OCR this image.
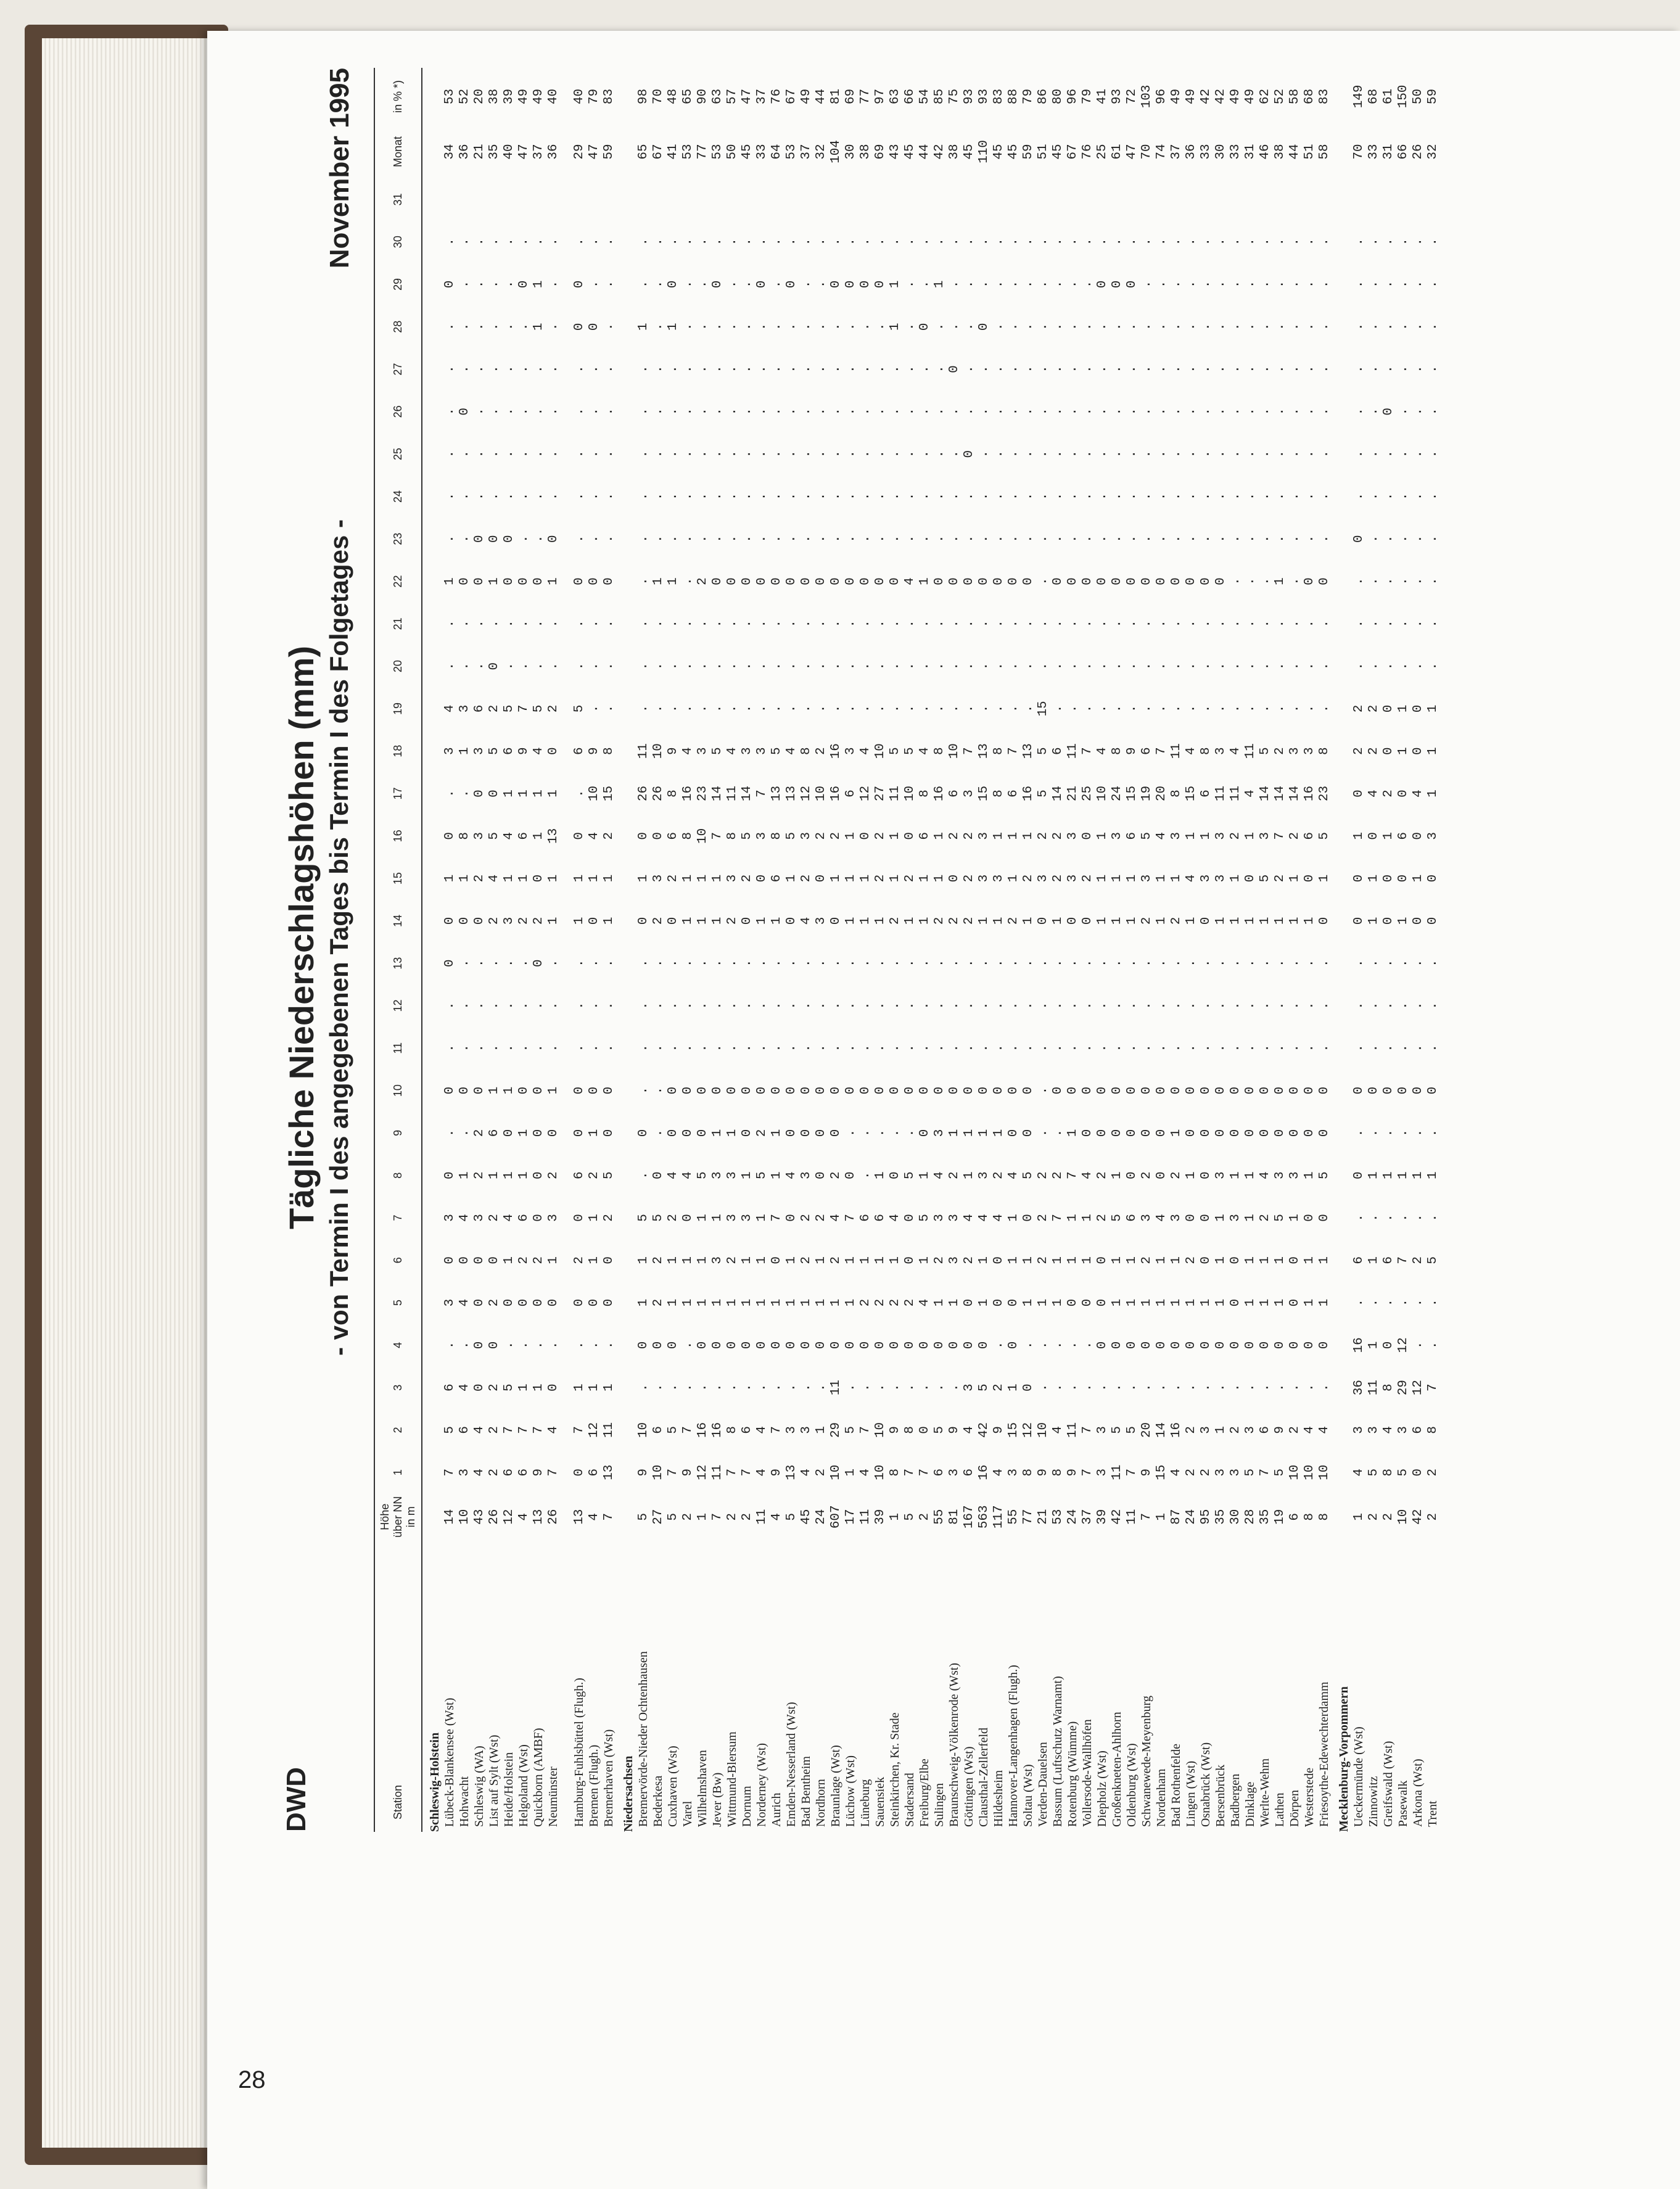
DWD
Tägliche Niederschlagshöhen (mm) - von Termin I des angegebenen Tages bis Termin I des Folgetages -
November 1995
Station	Höhe über NN in m	1	2	3	4	5	6	7	8	9	10	11	12	13	14	15	16	17	18	19	20	21	22	23	24	25	26	27	28	29	30	31	Monat	in % *)
Schleswig-Holstein																																		
Lübeck-Blankensee (Wst)	14	7	5	6	.	3	0	3	0	.	0	.	.	0	0	1	0	.	3	4	.	.	1	.	.	.	.	.	.	0	.		34	53
Hohwacht	10	3	6	4	.	4	0	4	1	.	0	.	.	.	0	1	8	.	1	3	.	.	0	.	.	.	0	.	.	.	.		36	52
Schleswig (WA)	43	4	4	0	0	0	0	3	2	2	0	.	.	.	0	2	3	0	3	6	.	.	0	0	.	.	.	.	.	.	.		21	20
List auf Sylt (Wst)	26	2	2	2	0	2	0	2	1	6	1	.	.	.	2	4	5	0	5	2	0	.	1	0	.	.	.	.	.	.	.		35	38
Heide/Holstein	12	6	7	5	.	0	1	4	1	0	1	.	.	.	3	1	4	1	6	5	.	.	0	0	.	.	.	.	.	.	.		40	39
Helgoland (Wst)	4	6	7	1	.	0	2	6	1	1	0	.	.	.	2	1	6	1	9	7	.	.	0	.	.	.	.	.	.	0	.		47	49
Quickborn (AMBF)	13	9	7	1	.	0	2	0	0	0	0	.	.	0	2	0	1	1	4	5	.	.	0	.	.	.	.	.	1	1	.		37	49
Neumünster	26	7	4	0	.	0	1	3	2	0	1	.	.	.	1	1	13	1	0	2	.	.	1	0	.	.	.	.	.	.	.		36	40

Hamburg-Fuhlsbüttel (Flugh.)	13	0	7	1	.	0	2	0	6	0	0	.	.	.	1	1	0	.	6	5	.	.	0	.	.	.	.	.	0	0	.		29	40
Bremen (Flugh.)	4	6	12	1	.	0	1	1	2	1	0	.	.	.	0	1	4	10	9	.	.	.	0	.	.	.	.	.	0	.	.		47	79
Bremerhaven (Wst)	7	13	11	1	.	0	0	2	5	0	0	.	.	.	1	1	2	15	8	.	.	.	0	.	.	.	.	.	.	.	.		59	83
Niedersachsen																																		
Bremervörde-Nieder Ochtenhausen	5	9	10	.	0	1	1	5	.	0	.	.	.	.	0	1	0	26	11	.	.	.	.	.	.	.	.	.	1	.	.		65	98
Bederkesa	27	10	6	.	0	2	2	5	0	.	.	.	.	.	2	3	0	26	10	.	.	.	1	.	.	.	.	.	.	.	.		67	70
Cuxhaven (Wst)	5	7	5	.	0	1	1	2	4	0	0	.	.	.	0	2	6	8	9	.	.	.	1	.	.	.	.	.	1	0	.		41	48
Varel	2	9	7	.	.	1	1	0	4	0	0	.	.	.	1	1	8	16	4	.	.	.	.	.	.	.	.	.	.	.	.		53	65
Wilhelmshaven	1	12	16	.	0	1	1	1	5	0	0	.	.	.	1	1	10	23	3	.	.	.	2	.	.	.	.	.	.	.	.		77	90
Jever (Bw)	7	11	16	.	0	1	3	1	3	1	0	.	.	.	1	1	7	14	5	.	.	.	0	.	.	.	.	.	.	0	.		53	63
Wittmund-Blersum	2	7	8	.	0	1	2	3	3	1	0	.	.	.	2	3	8	11	4	.	.	.	0	.	.	.	.	.	.	.	.		50	57
Dornum	2	7	6	.	0	1	1	3	1	0	0	.	.	.	0	2	5	14	3	.	.	.	0	.	.	.	.	.	.	.	.		45	47
Norderney (Wst)	11	4	4	.	0	1	1	1	5	2	0	.	.	.	1	0	3	7	3	.	.	.	0	.	.	.	.	.	.	0	.		33	37
Aurich	4	9	7	.	0	1	0	7	1	1	0	.	.	.	1	6	8	13	5	.	.	.	0	.	.	.	.	.	.	.	.		64	76
Emden-Nesserland (Wst)	5	13	3	.	0	1	1	0	4	0	0	.	.	.	0	1	5	13	4	.	.	.	0	.	.	.	.	.	.	0	.		53	67
Bad Bentheim	45	4	3	.	0	1	2	2	3	0	0	.	.	.	4	2	3	12	8	.	.	.	0	.	.	.	.	.	.	.	.		37	49
Nordhorn	24	2	1	.	0	1	1	2	0	0	0	.	.	.	3	0	2	10	2	.	.	.	0	.	.	.	.	.	.	.	.		32	44
Braunlage (Wst)	607	10	29	11	0	1	2	4	2	0	0	.	.	.	0	1	2	16	16	.	.	.	0	.	.	.	.	.	.	0	.		104	81
Lüchow (Wst)	17	1	5	.	0	1	1	7	0	.	0	.	.	.	1	1	1	6	3	.	.	.	0	.	.	.	.	.	.	0	.		30	69
Lüneburg	11	4	7	.	0	2	1	6	.	.	0	.	.	.	1	1	0	12	4	.	.	.	0	.	.	.	.	.	.	0	.		38	77
Sauensiek	39	10	10	.	0	2	1	6	1	.	0	.	.	.	1	2	2	27	10	.	.	.	0	.	.	.	.	.	.	0	.		69	97
Steinkirchen, Kr. Stade	1	8	9	.	0	2	1	4	0	.	0	.	.	.	2	1	1	11	5	.	.	.	0	.	.	.	.	.	1	1	.		43	63
Stadersand	5	7	8	.	0	2	0	0	5	.	0	.	.	.	1	2	0	10	5	.	.	.	4	.	.	.	.	.	.	.	.		45	66
Freiburg/Elbe	2	7	0	.	0	4	1	5	1	0	0	.	.	.	1	1	6	8	4	.	.	.	1	.	.	.	.	.	0	.	.		44	54
Sulingen	55	6	5	.	0	1	2	3	4	3	0	.	.	.	2	1	1	16	8	.	.	.	0	.	.	.	.	.	.	1	.		42	85
Braunschweig-Völkenrode (Wst)	81	3	9	.	0	1	3	3	2	1	0	.	.	.	2	0	2	6	10	.	.	.	0	.	.	.	.	0	.	.	.		38	75
Göttingen (Wst)	167	6	4	3	0	0	2	4	1	1	0	.	.	.	2	2	2	3	7	.	.	.	0	.	.	0	.	.	.	.	.		45	93
Clausthal-Zellerfeld	563	16	42	5	0	1	1	4	3	1	0	.	.	.	1	3	3	15	13	.	.	.	0	.	.	.	.	.	0	.	.		110	93
Hildesheim	117	4	9	2	.	0	0	4	2	1	0	.	.	.	1	3	1	8	8	.	.	.	0	.	.	.	.	.	.	.	.		45	83
Hannover-Langenhagen (Flugh.)	55	3	15	1	0	0	1	1	4	0	0	.	.	.	2	1	1	6	7	.	.	.	0	.	.	.	.	.	.	.	.		45	88
Soltau (Wst)	77	8	12	0	.	1	1	0	5	0	0	.	.	.	1	2	1	16	13	.	.	.	0	.	.	.	.	.	.	.	.		59	79
Verden-Dauelsen	21	9	10	.	.	1	2	2	2	.	.	.	.	.	0	3	2	5	5	15	.	.	.	.	.	.	.	.	.	.	.		51	86
Bassum (Luftschutz Warnamt)	53	8	4	.	.	1	1	7	2	.	0	.	.	.	1	2	2	14	6	.	.	.	0	.	.	.	.	.	.	.	.		45	80
Rotenburg (Wümme)	24	9	11	.	.	0	1	1	7	1	0	.	.	.	0	3	3	21	11	.	.	.	0	.	.	.	.	.	.	.	.		67	96
Vollersode-Wallhöfen	37	7	7	.	.	0	1	1	4	0	0	.	.	.	0	2	0	25	7	.	.	.	0	.	.	.	.	.	.	.	.		76	79
Diepholz (Wst)	39	3	3	.	0	0	0	2	2	0	0	.	.	.	1	1	1	10	4	.	.	.	0	.	.	.	.	.	.	0	.		25	41
Großenkneten-Ahlhorn	42	11	5	.	0	1	1	5	1	0	0	.	.	.	1	1	3	24	8	.	.	.	0	.	.	.	.	.	.	0	.		61	93
Oldenburg (Wst)	11	7	5	.	0	1	1	6	0	0	0	.	.	.	1	1	6	15	9	.	.	.	0	.	.	.	.	.	.	0	.		47	72
Schwanewede-Meyenburg	7	9	20	.	0	1	2	3	2	0	0	.	.	.	2	3	5	19	6	.	.	.	0	.	.	.	.	.	.	.	.		70	103
Nordenham	1	15	14	.	0	1	1	4	0	0	0	.	.	.	1	1	4	20	7	.	.	.	0	.	.	.	.	.	.	.	.		74	96
Bad Rothenfelde	87	4	16	.	0	1	1	3	2	1	0	.	.	.	2	1	3	8	11	.	.	.	0	.	.	.	.	.	.	.	.		37	49
Lingen (Wst)	24	2	2	.	0	1	2	0	1	0	0	.	.	.	1	4	1	15	4	.	.	.	0	.	.	.	.	.	.	.	.		36	49
Osnabrück (Wst)	95	2	3	.	0	1	0	0	0	0	0	.	.	.	0	3	1	6	8	.	.	.	0	.	.	.	.	.	.	.	.		33	42
Bersenbrück	35	3	1	.	0	1	1	1	3	0	0	.	.	.	1	3	3	11	3	.	.	.	0	.	.	.	.	.	.	.	.		30	42
Badbergen	30	3	2	.	0	0	0	3	1	0	0	.	.	.	1	1	2	11	4	.	.	.	.	.	.	.	.	.	.	.	.		33	49
Dinklage	28	5	3	.	0	1	1	1	1	0	0	.	.	.	1	0	1	4	11	.	.	.	.	.	.	.	.	.	.	.	.		31	49
Werlte-Wehm	35	7	6	.	0	1	1	2	4	0	0	.	.	.	1	5	3	14	5	.	.	.	.	.	.	.	.	.	.	.	.		46	62
Lathen	19	5	9	.	0	1	1	5	3	0	0	.	.	.	1	2	7	14	2	.	.	.	1	.	.	.	.	.	.	.	.		38	52
Dörpen	6	10	2	.	0	0	0	1	3	0	0	.	.	.	1	1	2	14	3	.	.	.	.	.	.	.	.	.	.	.	.		44	58
Westerstede	8	10	4	.	0	1	1	0	1	0	0	.	.	.	1	0	6	16	3	.	.	.	0	.	.	.	.	.	.	.	.		51	68
Friesoythe-Edewechterdamm	8	10	4	.	0	1	1	0	5	0	0	.	.	.	0	1	5	23	8	.	.	.	0	.	.	.	.	.	.	.	.		58	83
Mecklenburg-Vorpommern																																		
Ueckermünde (Wst)	1	4	3	36	16	.	6	.	0	.	0	.	.	.	0	0	1	0	2	2	.	.	.	0	.	.	.	.	.	.	.		70	149
Zinnowitz	2	5	3	11	1	.	1	.	1	.	0	.	.	.	1	1	0	4	2	2	.	.	.	.	.	.	.	.	.	.	.		33	68
Greifswald (Wst)	2	8	4	8	0	.	6	.	1	.	0	.	.	.	0	0	1	2	0	0	.	.	.	.	.	.	0	.	.	.	.		31	61
Pasewalk	10	5	3	29	12	.	7	.	1	.	0	.	.	.	1	0	6	0	1	1	.	.	.	.	.	.	.	.	.	.	.		66	150
Arkona (Wst)	42	0	6	12	.	.	2	.	1	.	0	.	.	.	0	1	0	4	0	0	.	.	.	.	.	.	.	.	.	.	.		26	50
Trent	2	2	8	7	.	.	5	.	1	.	0	.	.	.	0	0	3	1	1	1	.	.	.	.	.	.	.	.	.	.	.		32	59
28
